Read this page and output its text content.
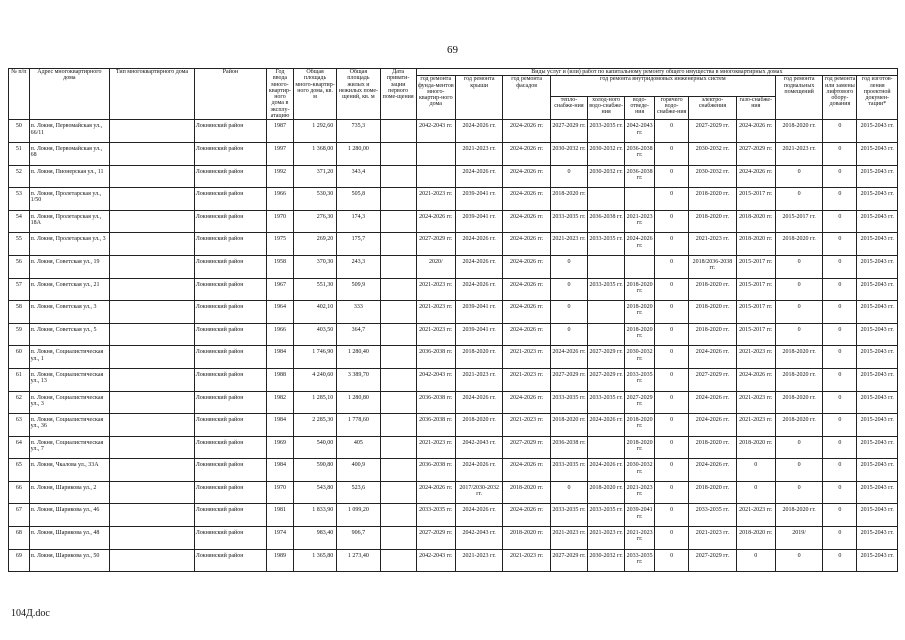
69
№ п/п	Адрес многоквартирного дома	Тип многоквартирного дома	Район	Год ввода много-квартир-ного дома в эксплу-атацию	Общая площадь много-квартир-ного дома, кв. м	Общая площадь жилых и нежилых поме-щений, кв. м	Дата привати-зации первого поме-щения	Виды услуг и (или) работ по капитальному ремонту общего имущества в многоквартирных домах											
								год ремонта фунда-ментов много-квартир-ного дома	год ремонта крыши	год ремонта фасадов	год ремонта внутридомовых инженерных систем						год ремонта подвальных помещений	год ремонта или замены лифтового обору-дования	год изготов-ления проектной докумен-тации*
											тепло-снабже-ния	холод-ного водо-снабже-ния	водо-отведе-ния	горячего водо-снабже-ния	электро-снабжения	газо-снабже-ния			
50	п. Локня, Первомайская ул., 66/11		Локнянский район	1987	1 292,60	735,3		2042-2043 гг.	2024-2026 гг.	2024-2026 гг.	2027-2029 гг.	2033-2035 гг.	2042-2043 гг.	0	2027-2029 гг.	2024-2026 гг.	2018-2020 гг.	0	2015-2043 гг.
51	п. Локня, Первомайская ул., 68		Локнянский район	1997	1 368,00	1 280,00			2021-2023 гг.	2024-2026 гг.	2030-2032 гг.	2030-2032 гг.	2036-2038 гг.	0	2030-2032 гг.	2027-2029 гг.	2021-2023 гг.	0	2015-2043 гг.
52	п. Локня, Пионерская ул., 11		Локнянский район	1992	371,20	343,4			2024-2026 гг.	2024-2026 гг.	0	2030-2032 гг.	2036-2038 гг.	0	2030-2032 гг.	2024-2026 гг.	0	0	2015-2043 гг.
53	п. Локня, Пролетарская ул., 1/50		Локнянский район	1966	530,30	505,8		2021-2023 гг.	2039-2041 гг.	2024-2026 гг.	2018-2020 гг.			0	2018-2020 гг.	2015-2017 гг.	0	0	2015-2043 гг.
54	п. Локня, Пролетарская ул., 18А		Локнянский район	1970	276,30	174,3		2024-2026 гг.	2039-2041 гг.	2024-2026 гг.	2033-2035 гг.	2036-2038 гг.	2021-2023 гг.	0	2018-2020 гг.	2018-2020 гг.	2015-2017 гг.	0	2015-2043 гг.
55	п. Локня, Пролетарская ул., 3		Локнянский район	1975	269,20	175,7		2027-2029 гг.	2024-2026 гг.	2024-2026 гг.	2021-2023 гг.	2033-2035 гг.	2024-2026 гг.	0	2021-2023 гг.	2018-2020 гг.	2018-2020 гг.	0	2015-2043 гг.
56	п. Локня, Советская ул., 19		Локнянский район	1958	370,30	243,3		2020/	2024-2026 гг.	2024-2026 гг.	0			0	2018/2036-2038 гг.	2015-2017 гг.	0	0	2015-2043 гг.
57	п. Локня, Советская ул., 21		Локнянский район	1967	551,30	509,9		2021-2023 гг.	2024-2026 гг.	2024-2026 гг.	0	2033-2035 гг.	2018-2020 гг.	0	2018-2020 гг.	2015-2017 гг.	0	0	2015-2043 гг.
58	п. Локня, Советская ул., 3		Локнянский район	1964	402,10	333		2021-2023 гг.	2039-2041 гг.	2024-2026 гг.	0		2018-2020 гг.	0	2018-2020 гг.	2015-2017 гг.	0	0	2015-2043 гг.
59	п. Локня, Советская ул., 5		Локнянский район	1966	403,50	364,7		2021-2023 гг.	2039-2041 гг.	2024-2026 гг.	0		2018-2020 гг.	0	2018-2020 гг.	2015-2017 гг.	0	0	2015-2043 гг.
60	п. Локня, Социалистическая ул., 1		Локнянский район	1984	1 746,90	1 280,40		2036-2038 гг.	2018-2020 гг.	2021-2023 гг.	2024-2026 гг.	2027-2029 гг.	2030-2032 гг.	0	2024-2026 гг.	2021-2023 гг.	2018-2020 гг.	0	2015-2043 гг.
61	п. Локня, Социалистическая ул., 13		Локнянский район	1988	4 240,60	3 389,70		2042-2043 гг.	2021-2023 гг.	2021-2023 гг.	2027-2029 гг.	2027-2029 гг.	2033-2035 гг.	0	2027-2029 гг.	2024-2026 гг.	2018-2020 гг.	0	2015-2043 гг.
62	п. Локня, Социалистическая ул., 3		Локнянский район	1982	1 285,10	1 280,80		2036-2038 гг.	2024-2026 гг.	2024-2026 гг.	2033-2035 гг.	2033-2035 гг.	2027-2029 гг.	0	2024-2026 гг.	2021-2023 гг.	2018-2020 гг.	0	2015-2043 гг.
63	п. Локня, Социалистическая ул., 36		Локнянский район	1984	2 285,30	1 778,60		2036-2038 гг.	2018-2020 гг.	2021-2023 гг.	2018-2020 гг.	2024-2026 гг.	2018-2020 гг.	0	2024-2026 гг.	2021-2023 гг.	2018-2020 гг.	0	2015-2043 гг.
64	п. Локня, Социалистическая ул., 7		Локнянский район	1969	540,00	405		2021-2023 гг.	2042-2043 гг.	2027-2029 гг.	2036-2038 гг.		2018-2020 гг.	0	2018-2020 гг.	2018-2020 гг.	0	0	2015-2043 гг.
65	п. Локня, Чкалова ул., 33А		Локнянский район	1984	590,80	400,9		2036-2038 гг.	2024-2026 гг.	2024-2026 гг.	2033-2035 гг.	2024-2026 гг.	2030-2032 гг.	0	2024-2026 гг.	0	0	0	2015-2043 гг.
66	п. Локня, Шарикова ул., 2		Локнянский район	1970	543,80	523,6		2024-2026 гг.	2017/2030-2032 гг.	2018-2020 гг.	0	2018-2020 гг.	2021-2023 гг.	0	2018-2020 гг.	0	0	0	2015-2043 гг.
67	п. Локня, Шарикова ул., 46		Локнянский район	1981	1 833,90	1 099,20		2033-2035 гг.	2024-2026 гг.	2024-2026 гг.	2033-2035 гг.	2033-2035 гг.	2039-2041 гг.	0	2033-2035 гг.	2021-2023 гг.	2018-2020 гг.	0	2015-2043 гг.
68	п. Локня, Шарикова ул., 48		Локнянский район	1974	983,40	906,7		2027-2029 гг.	2042-2043 гг.	2018-2020 гг.	2021-2023 гг.	2021-2023 гг.	2021-2023 гг.	0	2021-2023 гг.	2018-2020 гг.	2019/	0	2015-2043 гг.
69	п. Локня, Шарикова ул., 50		Локнянский район	1989	1 365,80	1 273,40		2042-2043 гг.	2021-2023 гг.	2021-2023 гг.	2027-2029 гг.	2030-2032 гг.	2033-2035 гг.	0	2027-2029 гг.	0	0	0	2015-2043 гг.
104Д.doc
